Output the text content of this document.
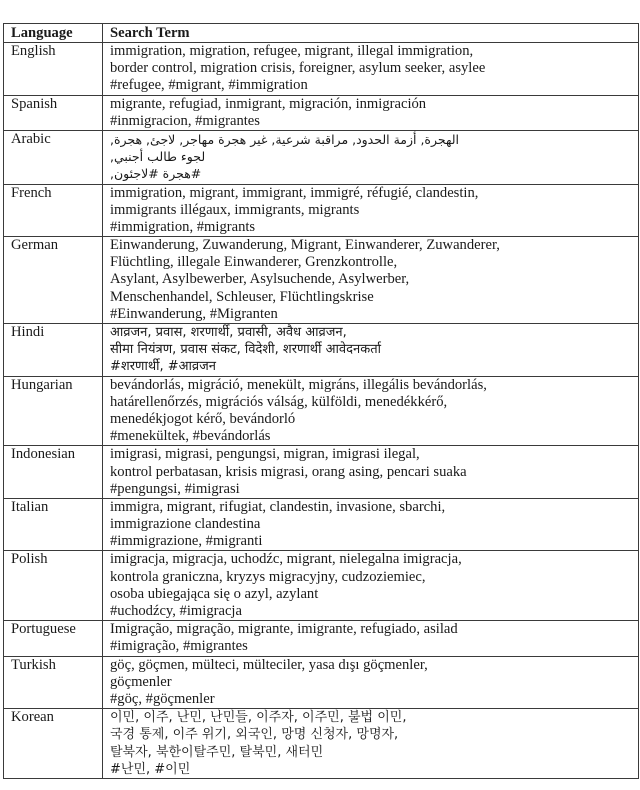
Language	Search Term
English	immigration, migration, refugee, migrant, illegal immigration,
border control, migration crisis, foreigner, asylum seeker, asylee
#refugee, #migrant, #immigration

Spanish	migrante, refugiad, inmigrant, migración, inmigración
#inmigracion, #migrantes

Arabic	الهجرة, أزمة الحدود, مراقبة شرعية, غير هجرة مهاجر, لاجئ, هجرة,
لجوء طالب أجنبي,
#هجرة #لاجئون,

French	immigration, migrant, immigrant, immigré, réfugié, clandestin,
immigrants illégaux, immigrants, migrants
#immigration, #migrants

German	Einwanderung, Zuwanderung, Migrant, Einwanderer, Zuwanderer,
Flüchtling, illegale Einwanderer, Grenzkontrolle,
Asylant, Asylbewerber, Asylsuchende, Asylwerber,
Menschenhandel, Schleuser, Flüchtlingskrise
#Einwanderung, #Migranten

Hindi	आव्रजन, प्रवास, शरणार्थी, प्रवासी, अवैध आव्रजन,
सीमा नियंत्रण, प्रवास संकट, विदेशी, शरणार्थी आवेदनकर्ता
#शरणार्थी, #आव्रजन

Hungarian	bevándorlás, migráció, menekült, migráns, illegális bevándorlás,
határellenőrzés, migrációs válság, külföldi, menedékkérő,
menedékjogot kérő, bevándorló
#menekültek, #bevándorlás

Indonesian	imigrasi, migrasi, pengungsi, migran, imigrasi ilegal,
kontrol perbatasan, krisis migrasi, orang asing, pencari suaka
#pengungsi, #imigrasi

Italian	immigra, migrant, rifugiat, clandestin, invasione, sbarchi,
immigrazione clandestina
#immigrazione, #migranti

Polish	imigracja, migracja, uchodźc, migrant, nielegalna imigracja,
kontrola graniczna, kryzys migracyjny, cudzoziemiec,
osoba ubiegająca się o azyl, azylant
#uchodźcy, #imigracja

Portuguese	Imigração, migração, migrante, imigrante, refugiado, asilad
#imigração, #migrantes

Turkish	göç, göçmen, mülteci, mülteciler, yasa dışı göçmenler,
göçmenler
#göç, #göçmenler

Korean	이민, 이주, 난민, 난민들, 이주자, 이주민, 불법 이민,
국경 통제, 이주 위기, 외국인, 망명 신청자, 망명자,
탈북자, 북한이탈주민, 탈북민, 새터민
#난민, #이민
